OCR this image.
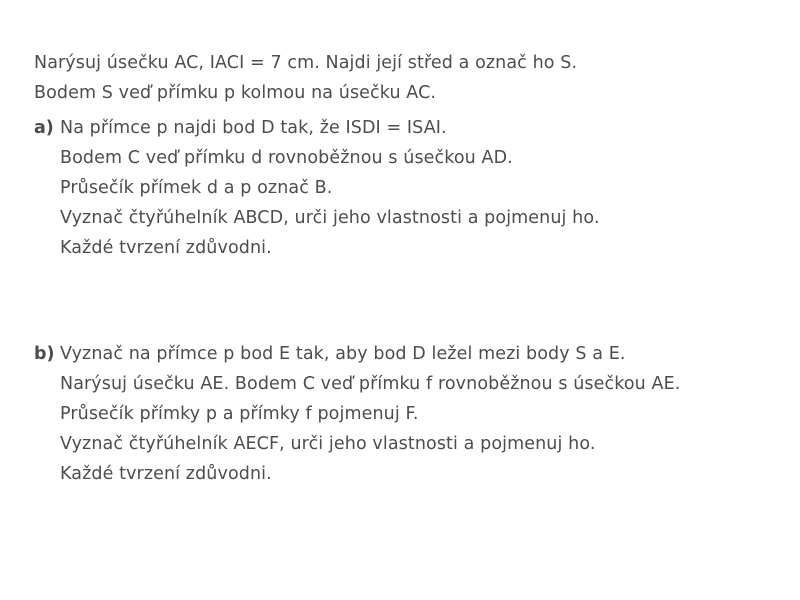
Narýsuj úsečku AC, IACI = 7 cm. Najdi její střed a označ ho S.
Bodem S veď přímku p kolmou na úsečku AC.
a) Na přímce p najdi bod D tak, že ISDI = ISAI.
Bodem C veď přímku d rovnoběžnou s úsečkou AD.
Průsečík přímek d a p označ B.
Vyznač čtyřúhelník ABCD, urči jeho vlastnosti a pojmenuj ho.
Každé tvrzení zdůvodni.
b) Vyznač na přímce p bod E tak, aby bod D ležel mezi body S a E.
Narýsuj úsečku AE. Bodem C veď přímku f rovnoběžnou s úsečkou AE.
Průsečík přímky p a přímky f pojmenuj F.
Vyznač čtyřúhelník AECF, urči jeho vlastnosti a pojmenuj ho.
Každé tvrzení zdůvodni.
